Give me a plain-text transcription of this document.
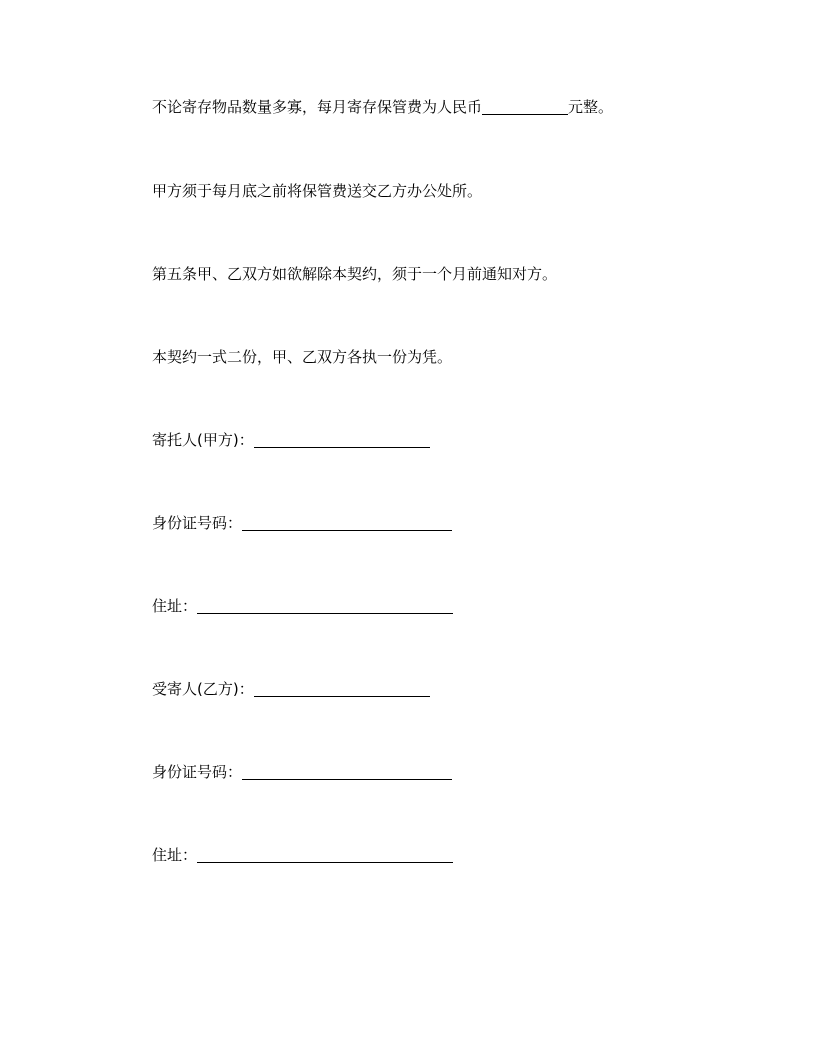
不论寄存物品数量多寡，每月寄存保管费为人民币	元整。
甲方须于每月底之前将保管费送交乙方办公处所。
第五条甲、乙双方如欲解除本契约，须于一个月前通知对方。
本契约一式二份，甲、乙双方各执一份为凭。
寄托人(甲方)：
身份证号码：
住址：
受寄人(乙方)：
身份证号码：
住址：
